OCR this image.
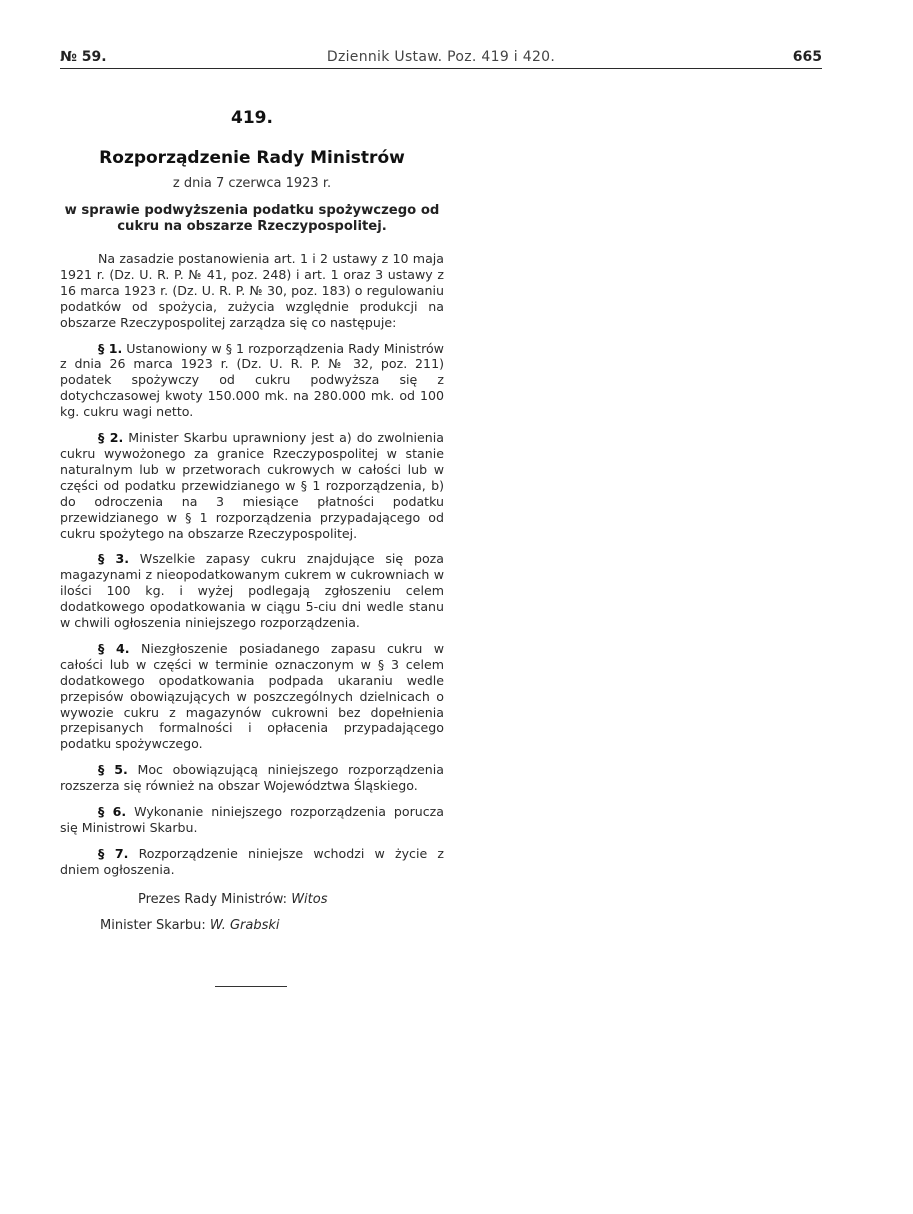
№ 59.	Dziennik Ustaw. Poz. 419 i 420.	665
419.
Rozporządzenie Rady Ministrów
z dnia 7 czerwca 1923 r.
w sprawie podwyższenia podatku spożywczego od cukru na obszarze Rzeczypospolitej.

Na zasadzie postanowienia art. 1 i 2 ustawy z 10 maja 1921 r. (Dz. U. R. P. № 41, poz. 248) i art. 1 oraz 3 ustawy z 16 marca 1923 r. (Dz. U. R. P. № 30, poz. 183) o regulowaniu podatków od spożycia, zużycia względnie produkcji na obszarze Rzeczypospolitej zarządza się co następuje:

§ 1. Ustanowiony w § 1 rozporządzenia Rady Ministrów z dnia 26 marca 1923 r. (Dz. U. R. P. № 32, poz. 211) podatek spożywczy od cukru podwyższa się z dotychczasowej kwoty 150.000 mk. na 280.000 mk. od 100 kg. cukru wagi netto.

§ 2. Minister Skarbu uprawniony jest a) do zwolnienia cukru wywożonego za granice Rzeczypospolitej w stanie naturalnym lub w przetworach cukrowych w całości lub w części od podatku przewidzianego w § 1 rozporządzenia, b) do odroczenia na 3 miesiące płatności podatku przewidzianego w § 1 rozporządzenia przypadającego od cukru spożytego na obszarze Rzeczypospolitej.

§ 3. Wszelkie zapasy cukru znajdujące się poza magazynami z nieopodatkowanym cukrem w cukrowniach w ilości 100 kg. i wyżej podlegają zgłoszeniu celem dodatkowego opodatkowania w ciągu 5-ciu dni wedle stanu w chwili ogłoszenia niniejszego rozporządzenia.

§ 4. Niezgłoszenie posiadanego zapasu cukru w całości lub w części w terminie oznaczonym w § 3 celem dodatkowego opodatkowania podpada ukaraniu wedle przepisów obowiązujących w poszczególnych dzielnicach o wywozie cukru z magazynów cukrowni bez dopełnienia przepisanych formalności i opłacenia przypadającego podatku spożywczego.

§ 5. Moc obowiązującą niniejszego rozporządzenia rozszerza się również na obszar Województwa Śląskiego.

§ 6. Wykonanie niniejszego rozporządzenia porucza się Ministrowi Skarbu.

§ 7. Rozporządzenie niniejsze wchodzi w życie z dniem ogłoszenia.

Prezes Rady Ministrów: Witos

Minister Skarbu: W. Grabski
